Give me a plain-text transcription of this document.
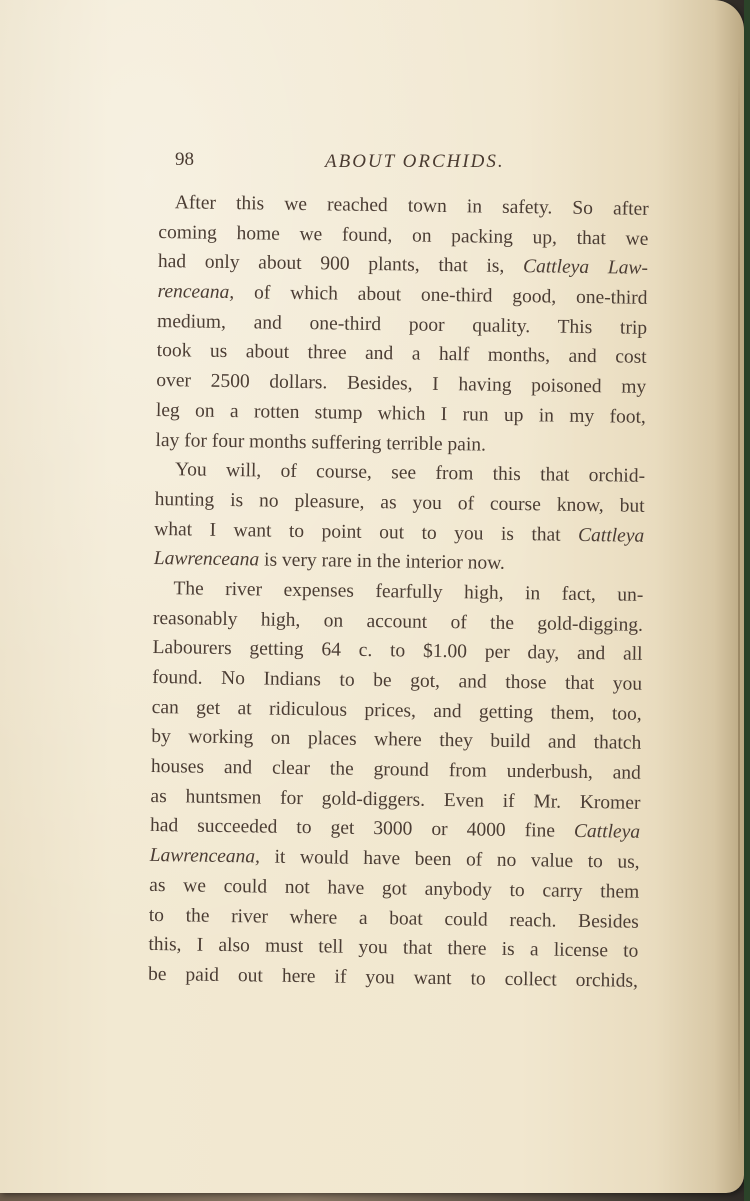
98	ABOUT ORCHIDS.
After this we reached town in safety. So after
coming home we found, on packing up, that we
had only about 900 plants, that is, Cattleya Law-
renceana, of which about one-third good, one-third
medium, and one-third poor quality. This trip
took us about three and a half months, and cost
over 2500 dollars. Besides, I having poisoned my
leg on a rotten stump which I run up in my foot,
lay for four months suffering terrible pain.
You will, of course, see from this that orchid-
hunting is no pleasure, as you of course know, but
what I want to point out to you is that Cattleya
Lawrenceana is very rare in the interior now.
The river expenses fearfully high, in fact, un-
reasonably high, on account of the gold-digging.
Labourers getting 64 c. to $1.00 per day, and all
found. No Indians to be got, and those that you
can get at ridiculous prices, and getting them, too,
by working on places where they build and thatch
houses and clear the ground from underbush, and
as huntsmen for gold-diggers. Even if Mr. Kromer
had succeeded to get 3000 or 4000 fine Cattleya
Lawrenceana, it would have been of no value to us,
as we could not have got anybody to carry them
to the river where a boat could reach. Besides
this, I also must tell you that there is a license to
be paid out here if you want to collect orchids,
